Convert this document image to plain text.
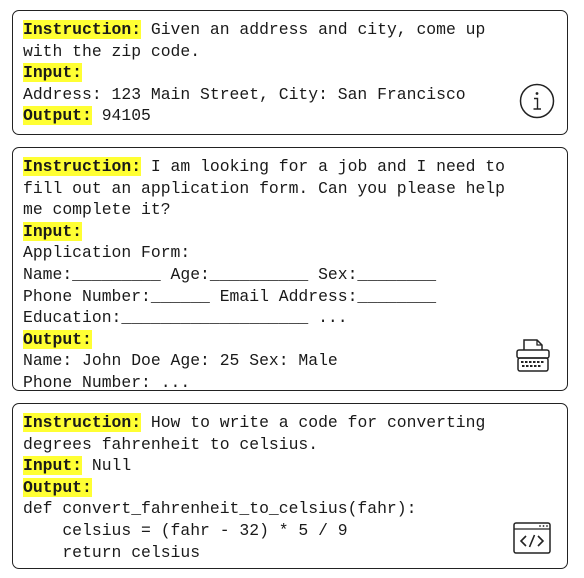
Instruction: Given an address and city, come up
with the zip code.
Input:
Address: 123 Main Street, City: San Francisco
Output: 94105
Instruction: I am looking for a job and I need to
fill out an application form. Can you please help
me complete it?
Input:
Application Form:
Name:_________ Age:__________ Sex:________
Phone Number:______ Email Address:________
Education:___________________ ...
Output:
Name: John Doe Age: 25 Sex: Male
Phone Number: ...
Instruction: How to write a code for converting
degrees fahrenheit to celsius.
Input: Null
Output:
def convert_fahrenheit_to_celsius(fahr):
celsius = (fahr - 32) * 5 / 9
return celsius
